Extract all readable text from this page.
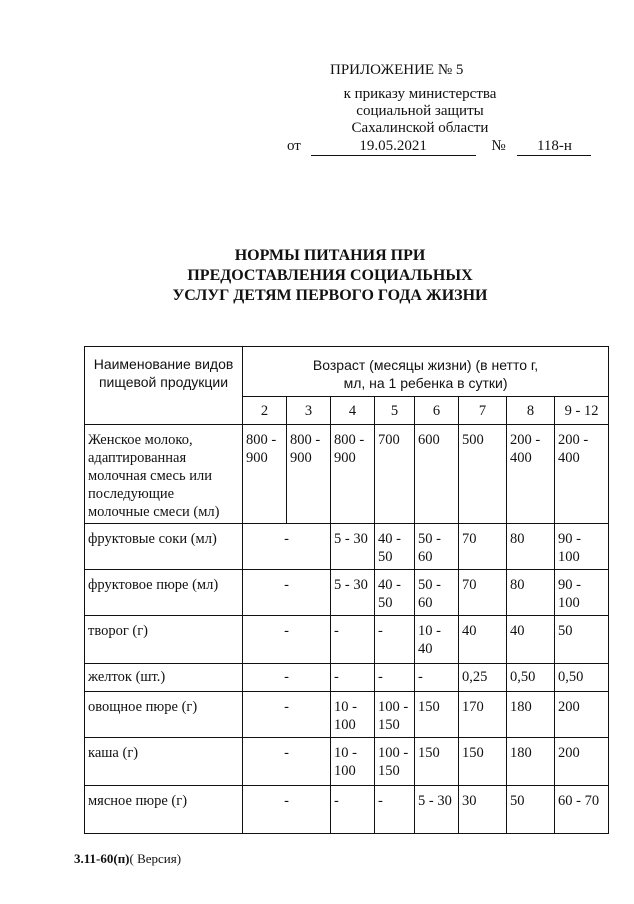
ПРИЛОЖЕНИЕ № 5
к приказу министерства
социальной защиты
Сахалинской области
от	19.05.2021	№ 118-н
НОРМЫ ПИТАНИЯ ПРИ
ПРЕДОСТАВЛЕНИЯ СОЦИАЛЬНЫХ
УСЛУГ ДЕТЯМ ПЕРВОГО ГОДА ЖИЗНИ
Наименование видов пищевой продукции	Возраст (месяцы жизни) (в нетто г, мл, на 1 ребенка в сутки)							
	2	3	4	5	6	7	8	9 - 12
Женское молоко, адаптированная молочная смесь или последующие молочные смеси (мл)	800 - 900	800 - 900	800 - 900	700	600	500	200 - 400	200 - 400
фруктовые соки (мл)	-		5 - 30	40 - 50	50 - 60	70	80	90 - 100
фруктовое пюре (мл)	-		5 - 30	40 - 50	50 - 60	70	80	90 - 100
творог (г)	-		-	-	10 - 40	40	40	50
желток (шт.)	-		-	-	-	0,25	0,50	0,50
овощное пюре (г)	-		10 - 100	100 - 150	150	170	180	200
каша (г)	-		10 - 100	100 - 150	150	150	180	200
мясное пюре (г)	-		-	-	5 - 30	30	50	60 - 70
3.11-60(п)( Версия)
